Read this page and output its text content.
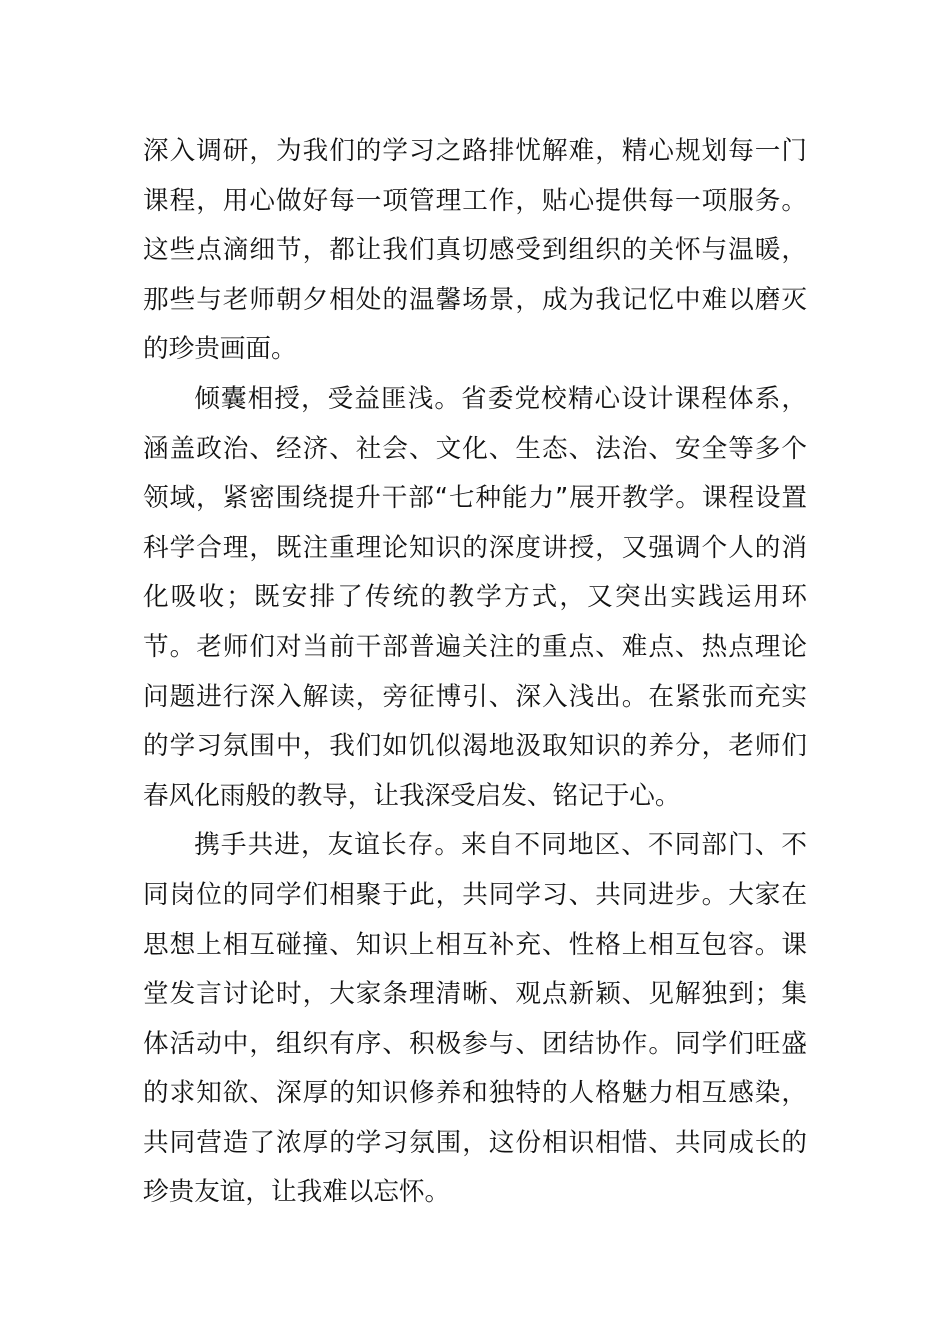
深入调研，为我们的学习之路排忧解难，精心规划每一门课程，用心做好每一项管理工作，贴心提供每一项服务。这些点滴细节，都让我们真切感受到组织的关怀与温暖，那些与老师朝夕相处的温馨场景，成为我记忆中难以磨灭的珍贵画面。

倾囊相授，受益匪浅。省委党校精心设计课程体系，涵盖政治、经济、社会、文化、生态、法治、安全等多个领域，紧密围绕提升干部“七种能力”展开教学。课程设置科学合理，既注重理论知识的深度讲授，又强调个人的消化吸收；既安排了传统的教学方式，又突出实践运用环节。老师们对当前干部普遍关注的重点、难点、热点理论问题进行深入解读，旁征博引、深入浅出。在紧张而充实的学习氛围中，我们如饥似渴地汲取知识的养分，老师们春风化雨般的教导，让我深受启发、铭记于心。

携手共进，友谊长存。来自不同地区、不同部门、不同岗位的同学们相聚于此，共同学习、共同进步。大家在思想上相互碰撞、知识上相互补充、性格上相互包容。课堂发言讨论时，大家条理清晰、观点新颖、见解独到；集体活动中，组织有序、积极参与、团结协作。同学们旺盛的求知欲、深厚的知识修养和独特的人格魅力相互感染，共同营造了浓厚的学习氛围，这份相识相惜、共同成长的珍贵友谊，让我难以忘怀。
